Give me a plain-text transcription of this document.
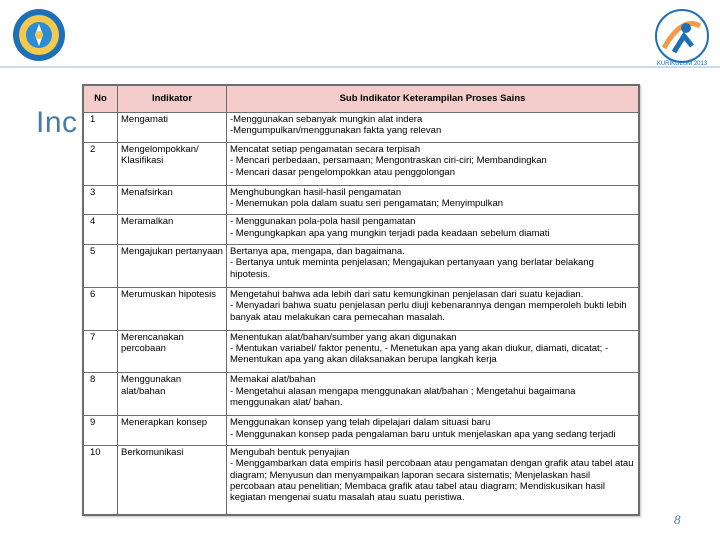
KURIKULUM 2013
Inc
No	Indikator	Sub Indikator Keterampilan Proses Sains
1	Mengamati	-Menggunakan sebanyak mungkin alat indera
-Mengumpulkan/menggunakan fakta yang relevan

2	Mengelompokkan/ Klasifikasi	Mencatat setiap pengamatan secara terpisah
- Mencari perbedaan, persamaan; Mengontraskan ciri-ciri; Membandingkan
- Mencari dasar pengelompokkan atau penggolongan

3	Menafsirkan	Menghubungkan hasil-hasil pengamatan
- Menemukan pola dalam suatu seri pengamatan; Menyimpulkan

4	Meramalkan	- Menggunakan pola-pola hasil pengamatan
- Mengungkapkan apa yang mungkin terjadi pada keadaan sebelum diamati

5	Mengajukan pertanyaan	Bertanya apa, mengapa, dan bagaimana.
- Bertanya untuk meminta penjelasan; Mengajukan pertanyaan yang berlatar belakang hipotesis.

6	Merumuskan hipotesis	Mengetahui bahwa ada lebih dari satu kemungkinan penjelasan dari suatu kejadian.
- Menyadari bahwa suatu penjelasan perlu diuji kebenarannya dengan memperoleh bukti lebih banyak atau melakukan cara pemecahan masalah.

7	Merencanakan percobaan	Menentukan alat/bahan/sumber yang akan digunakan
- Mentukan variabel/ faktor penentu, - Menetukan apa yang akan diukur, diamati, dicatat; - Menentukan apa yang akan dilaksanakan berupa langkah kerja

8	Menggunakan alat/bahan	Memakai alat/bahan
- Mengetahui alasan mengapa menggunakan alat/bahan ; Mengetahui bagaimana menggunakan alat/ bahan.

9	Menerapkan konsep	Menggunakan konsep yang telah dipelajari dalam situasi baru
- Menggunakan konsep pada pengalaman baru untuk menjelaskan apa yang sedang terjadi

10	Berkomunikasi	Mengubah bentuk penyajian
- Menggambarkan data empiris hasil percobaan atau pengamatan dengan grafik atau tabel atau diagram; Menyusun dan menyampaikan laporan secara sistematis; Menjelaskan hasil percobaan atau penelitian; Membaca grafik atau tabel atau diagram; Mendiskusikan hasil kegiatan mengenai suatu masalah atau suatu peristiwa.
8
